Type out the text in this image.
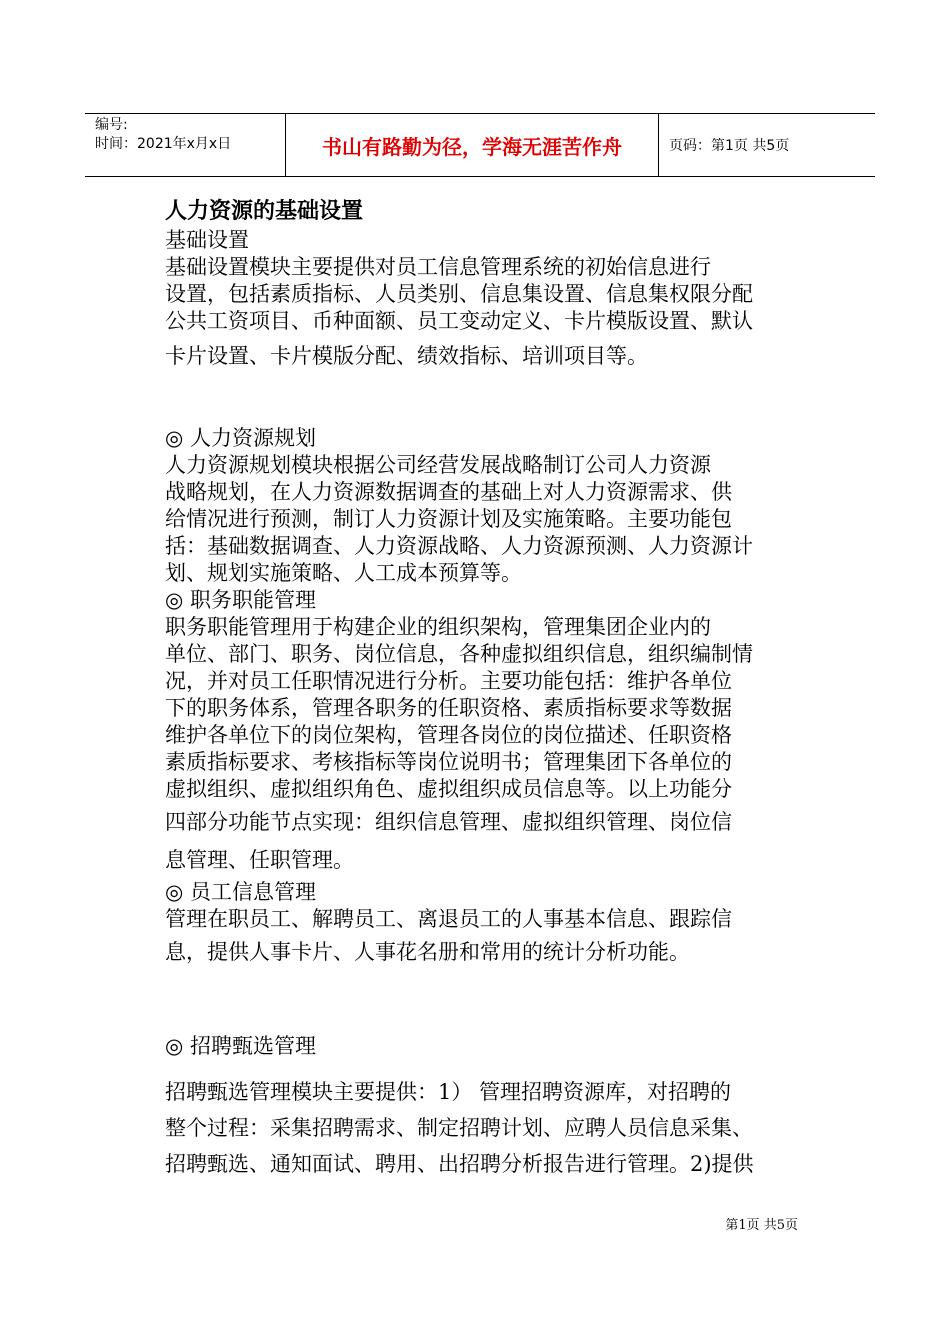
编号:
时间：2021年x月x日	书山有路勤为径，学海无涯苦作舟	页码：第1页 共5页
人力资源的基础设置

基础设置

基础设置模块主要提供对员工信息管理系统的初始信息进行
设置，包括素质指标、人员类别、信息集设置、信息集权限分配
公共工资项目、币种面额、员工变动定义、卡片模版设置、默认
卡片设置、卡片模版分配、绩效指标、培训项目等。

◎ 人力资源规划

人力资源规划模块根据公司经营发展战略制订公司人力资源
战略规划，在人力资源数据调查的基础上对人力资源需求、供
给情况进行预测，制订人力资源计划及实施策略。主要功能包
括：基础数据调查、人力资源战略、人力资源预测、人力资源计
划、规划实施策略、人工成本预算等。

◎ 职务职能管理

职务职能管理用于构建企业的组织架构，管理集团企业内的
单位、部门、职务、岗位信息，各种虚拟组织信息，组织编制情
况，并对员工任职情况进行分析。主要功能包括：维护各单位
下的职务体系，管理各职务的任职资格、素质指标要求等数据
维护各单位下的岗位架构，管理各岗位的岗位描述、任职资格
素质指标要求、考核指标等岗位说明书；管理集团下各单位的
虚拟组织、虚拟组织角色、虚拟组织成员信息等。以上功能分
四部分功能节点实现：组织信息管理、虚拟组织管理、岗位信
息管理、任职管理。

◎ 员工信息管理

管理在职员工、解聘员工、离退员工的人事基本信息、跟踪信
息，提供人事卡片、人事花名册和常用的统计分析功能。

◎ 招聘甄选管理

招聘甄选管理模块主要提供：1） 管理招聘资源库，对招聘的
整个过程：采集招聘需求、制定招聘计划、应聘人员信息采集、
招聘甄选、通知面试、聘用、出招聘分析报告进行管理。2)提供

第1页 共5页
